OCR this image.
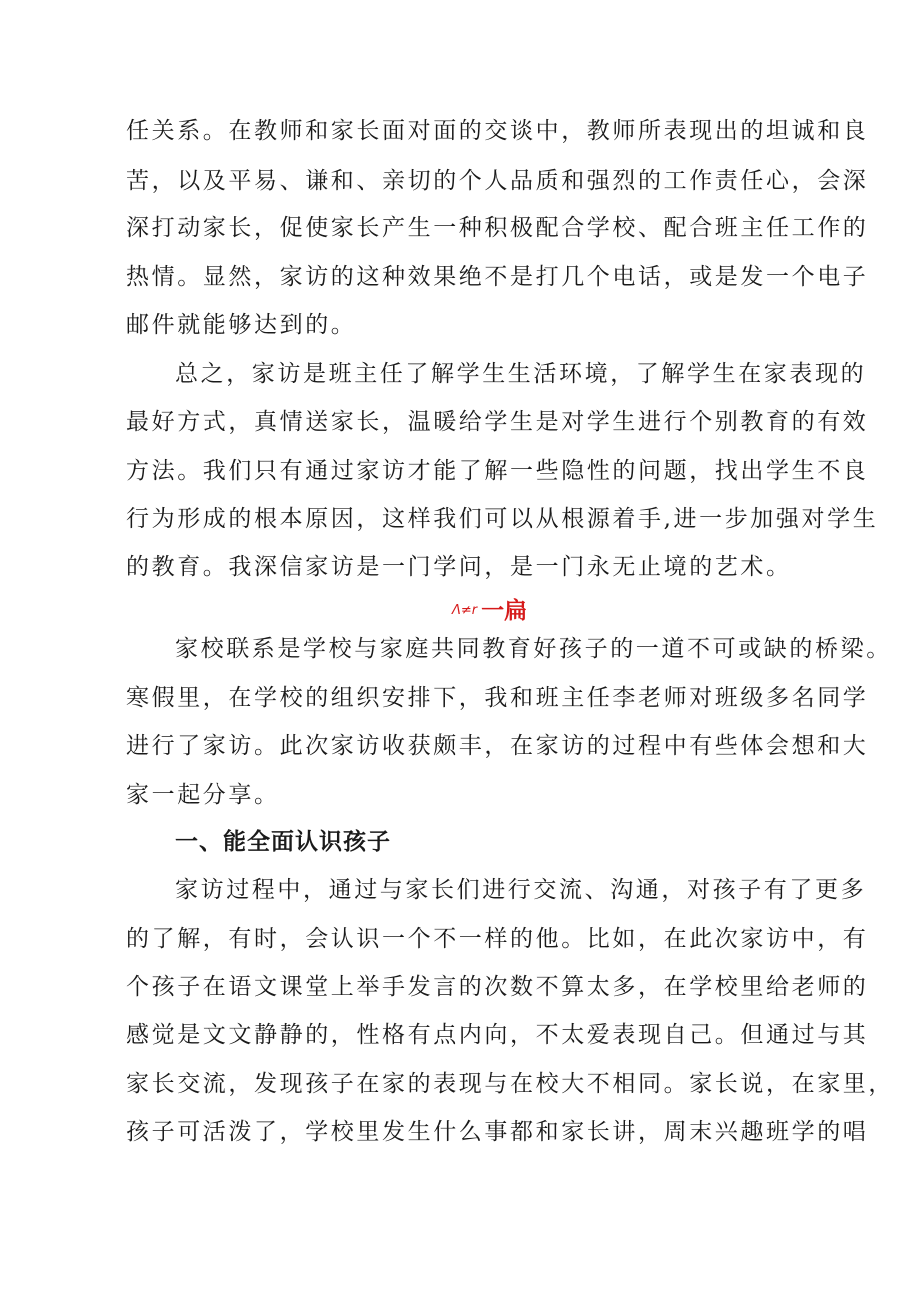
任关系。在教师和家长面对面的交谈中，教师所表现出的坦诚和良
苦，以及平易、谦和、亲切的个人品质和强烈的工作责任心，会深
深打动家长，促使家长产生一种积极配合学校、配合班主任工作的
热情。显然，家访的这种效果绝不是打几个电话，或是发一个电子
邮件就能够达到的。
总之，家访是班主任了解学生生活环境，了解学生在家表现的
最好方式，真情送家长，温暖给学生是对学生进行个别教育的有效
方法。我们只有通过家访才能了解一些隐性的问题，找出学生不良
行为形成的根本原因，这样我们可以从根源着手,进一步加强对学生
的教育。我深信家访是一门学问，是一门永无止境的艺术。
$^{\Lambda\ne r}$ 一扁
家校联系是学校与家庭共同教育好孩子的一道不可或缺的桥梁。
寒假里，在学校的组织安排下，我和班主任李老师对班级多名同学
进行了家访。此次家访收获颇丰，在家访的过程中有些体会想和大
家一起分享。
一、能全面认识孩子
家访过程中，通过与家长们进行交流、沟通，对孩子有了更多
的了解，有时，会认识一个不一样的他。比如，在此次家访中，有
个孩子在语文课堂上举手发言的次数不算太多，在学校里给老师的
感觉是文文静静的，性格有点内向，不太爱表现自己。但通过与其
家长交流，发现孩子在家的表现与在校大不相同。家长说，在家里，
孩子可活泼了，学校里发生什么事都和家长讲，周末兴趣班学的唱
